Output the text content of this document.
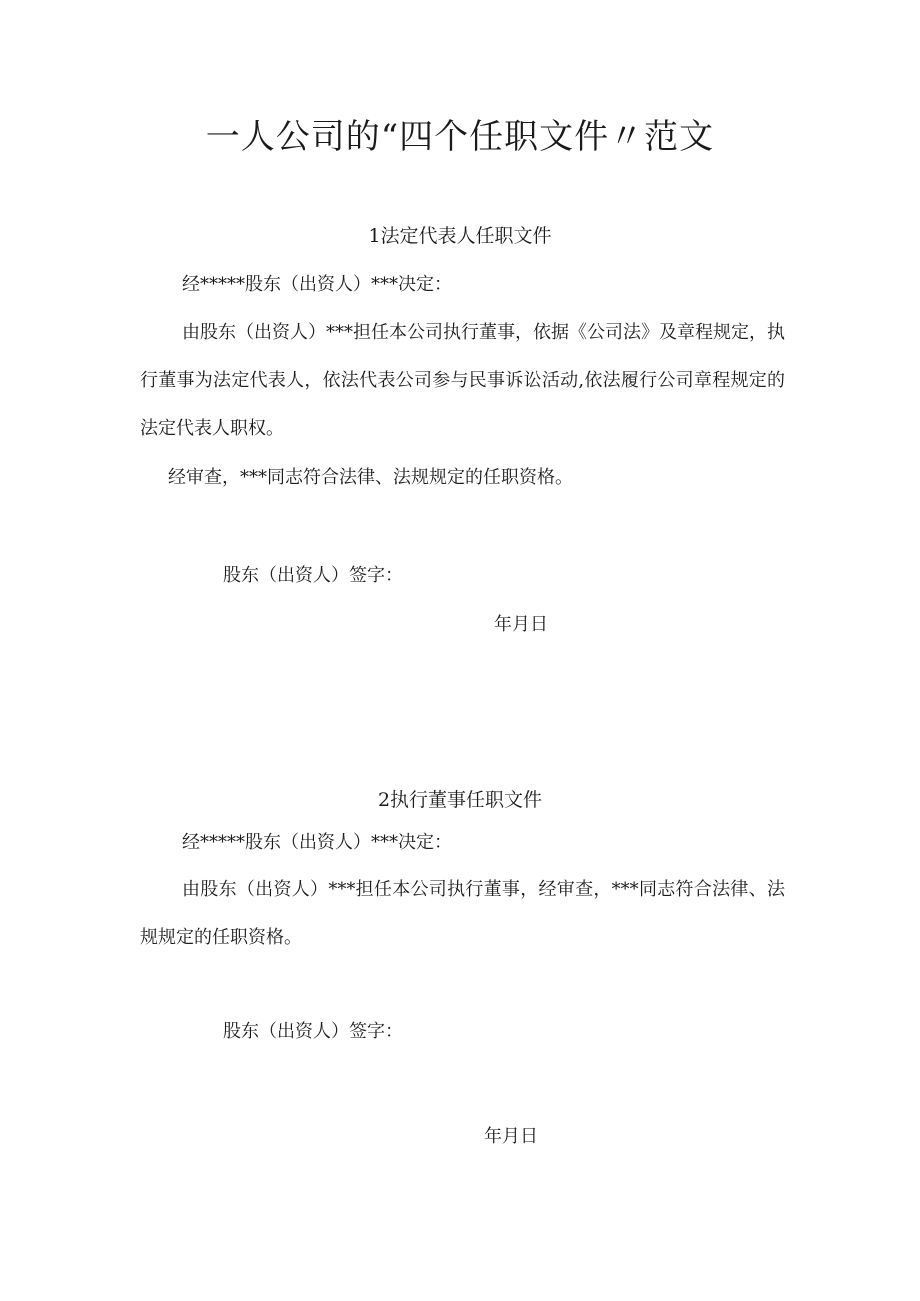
一人公司的“四个任职文件〃范文
1法定代表人任职文件
经*****股东（出资人）***决定：
由股东（出资人）***担任本公司执行董事，依据《公司法》及章程规定，执行董事为法定代表人，依法代表公司参与民事诉讼活动,依法履行公司章程规定的法定代表人职权。
经审查，***同志符合法律、法规规定的任职资格。
股东（出资人）签字：
年月日
2执行董事任职文件
经*****股东（出资人）***决定：
由股东（出资人）***担任本公司执行董事，经审查，***同志符合法律、法规规定的任职资格。
股东（出资人）签字：
年月日
